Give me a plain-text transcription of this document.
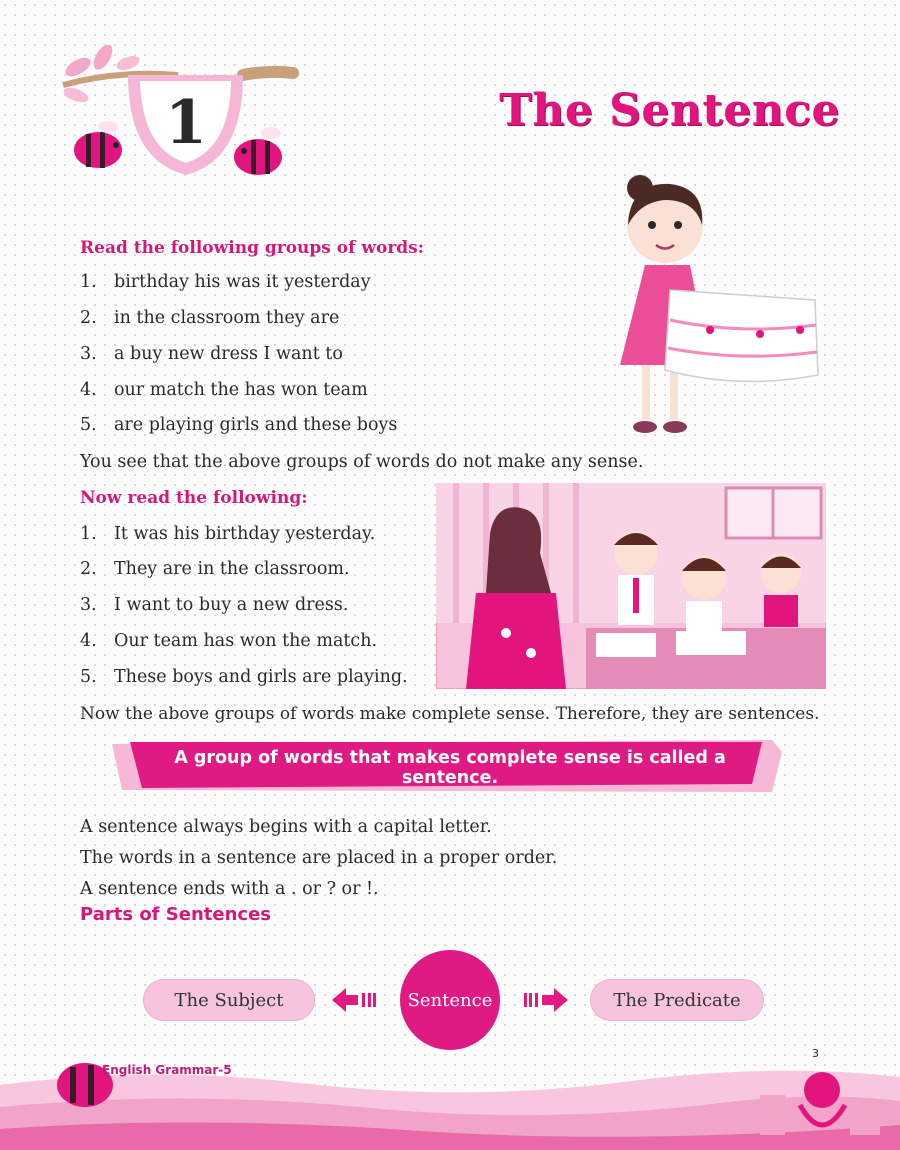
1	The Sentence
Read the following groups of words:
1. birthday his was it yesterday
2. in the classroom they are
3. a buy new dress I want to
4. our match the has won team
5. are playing girls and these boys
You see that the above groups of words do not make any sense.
Now read the following:
1. It was his birthday yesterday.
2. They are in the classroom.
3. I want to buy a new dress.
4. Our team has won the match.
5. These boys and girls are playing.
Now the above groups of words make complete sense. Therefore, they are sentences.
A group of words that makes complete sense is called a sentence.
A sentence always begins with a capital letter.
The words in a sentence are placed in a proper order.
A sentence ends with a . or ? or !.
Parts of Sentences
The Subject	Sentence	The Predicate
English Grammar-5
3
